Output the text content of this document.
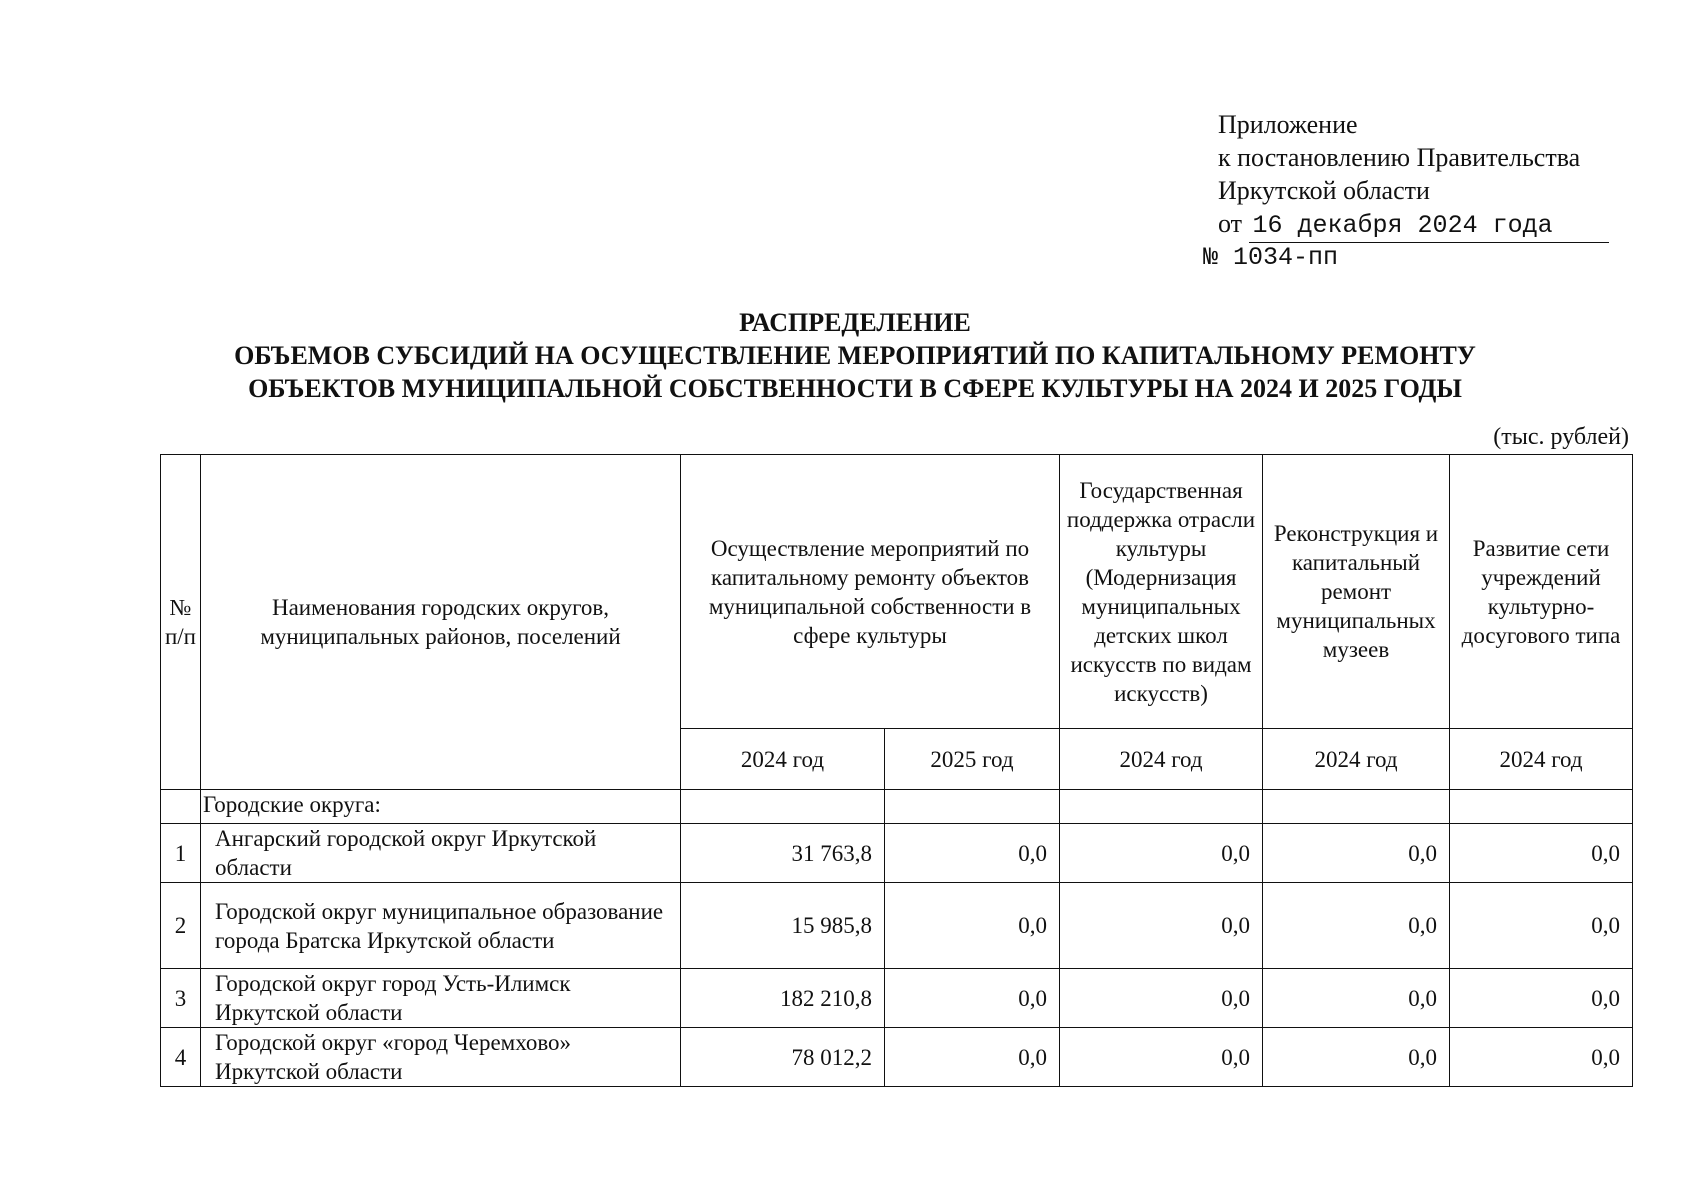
Приложение
к постановлению Правительства
Иркутской области
от 16 декабря 2024 года
№ 1034-пп
РАСПРЕДЕЛЕНИЕ
ОБЪЕМОВ СУБСИДИЙ НА ОСУЩЕСТВЛЕНИЕ МЕРОПРИЯТИЙ ПО КАПИТАЛЬНОМУ РЕМОНТУ
ОБЪЕКТОВ МУНИЦИПАЛЬНОЙ СОБСТВЕННОСТИ В СФЕРЕ КУЛЬТУРЫ НА 2024 И 2025 ГОДЫ
(тыс. рублей)
№ п/п	Наименования городских округов, муниципальных районов, поселений	Осуществление мероприятий по капитальному ремонту объектов муниципальной собственности в сфере культуры		Государственная поддержка отрасли культуры (Модернизация муниципальных детских школ искусств по видам искусств)	Реконструкция и капитальный ремонт муниципальных музеев	Развитие сети учреждений культурно-досугового типа
		2024 год	2025 год	2024 год	2024 год	2024 год
	Городские округа:					
1	Ангарский городской округ Иркутской области	31 763,8	0,0	0,0	0,0	0,0
2	Городской округ муниципальное образование города Братска Иркутской области	15 985,8	0,0	0,0	0,0	0,0
3	Городской округ город Усть-Илимск Иркутской области	182 210,8	0,0	0,0	0,0	0,0
4	Городской округ «город Черемхово» Иркутской области	78 012,2	0,0	0,0	0,0	0,0
